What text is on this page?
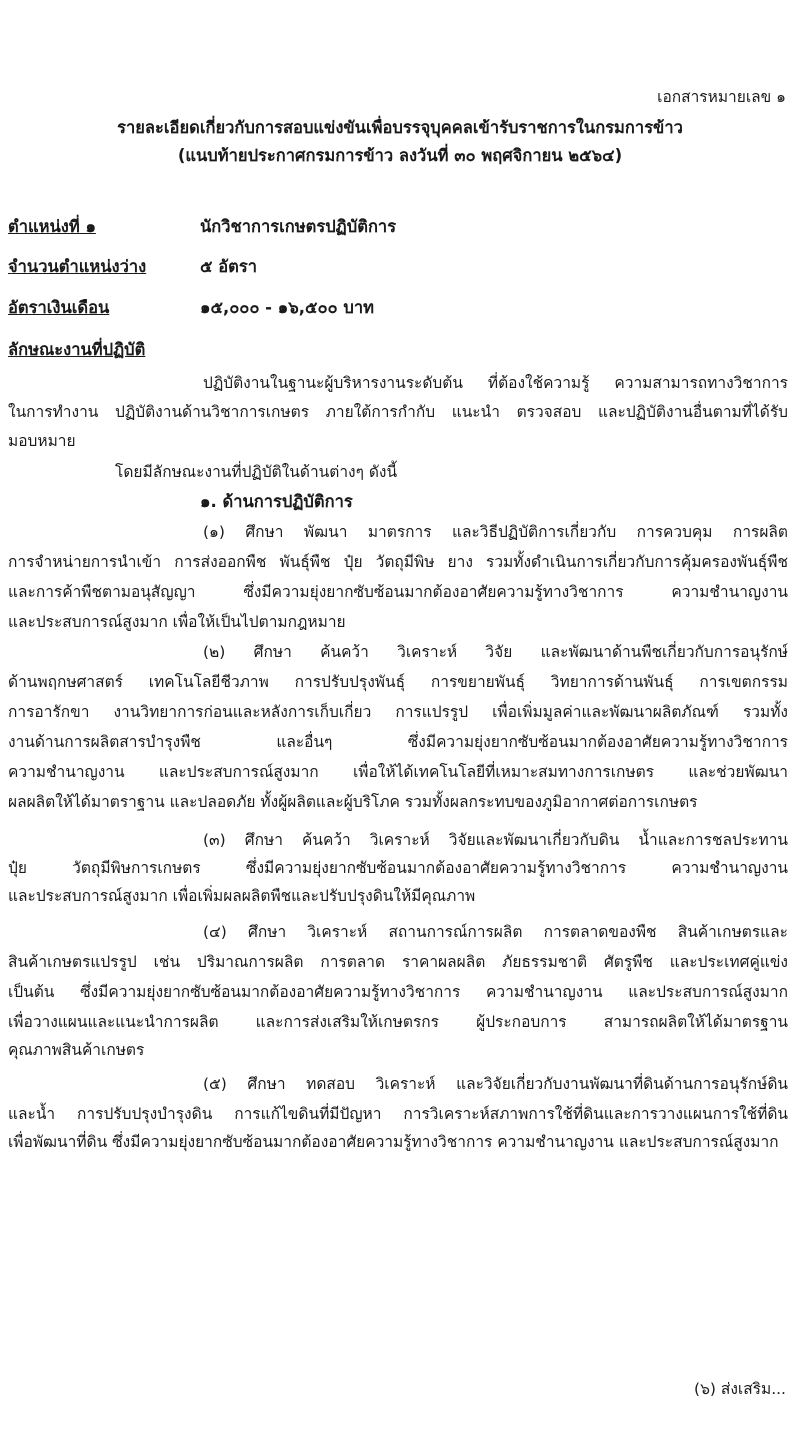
เอกสารหมายเลข ๑
รายละเอียดเกี่ยวกับการสอบแข่งขันเพื่อบรรจุบุคคลเข้ารับราชการในกรมการข้าว
(แนบท้ายประกาศกรมการข้าว ลงวันที่ ๓๐ พฤศจิกายน ๒๕๖๔)
ตำแหน่งที่ ๑	นักวิชาการเกษตรปฏิบัติการ
จำนวนตำแหน่งว่าง	๕ อัตรา
อัตราเงินเดือน	๑๕,๐๐๐ - ๑๖,๕๐๐ บาท
ลักษณะงานที่ปฏิบัติ
ปฏิบัติงานในฐานะผู้บริหารงานระดับต้น ที่ต้องใช้ความรู้ ความสามารถทางวิชาการ
ในการทำงาน ปฏิบัติงานด้านวิชาการเกษตร ภายใต้การกำกับ แนะนำ ตรวจสอบ และปฏิบัติงานอื่นตามที่ได้รับ
มอบหมาย
โดยมีลักษณะงานที่ปฏิบัติในด้านต่างๆ ดังนี้
๑. ด้านการปฏิบัติการ
(๑) ศึกษา พัฒนา มาตรการ และวิธีปฏิบัติการเกี่ยวกับ การควบคุม การผลิต
การจำหน่ายการนำเข้า การส่งออกพืช พันธุ์พืช ปุ๋ย วัตถุมีพิษ ยาง รวมทั้งดำเนินการเกี่ยวกับการคุ้มครองพันธุ์พืช
และการค้าพืชตามอนุสัญญา ซึ่งมีความยุ่งยากซับซ้อนมากต้องอาศัยความรู้ทางวิชาการ ความชำนาญงาน
และประสบการณ์สูงมาก เพื่อให้เป็นไปตามกฎหมาย
(๒) ศึกษา ค้นคว้า วิเคราะห์ วิจัย และพัฒนาด้านพืชเกี่ยวกับการอนุรักษ์
ด้านพฤกษศาสตร์ เทคโนโลยีชีวภาพ การปรับปรุงพันธุ์ การขยายพันธุ์ วิทยาการด้านพันธุ์ การเขตกรรม
การอารักขา งานวิทยาการก่อนและหลังการเก็บเกี่ยว การแปรรูป เพื่อเพิ่มมูลค่าและพัฒนาผลิตภัณฑ์ รวมทั้ง
งานด้านการผลิตสารบำรุงพืช และอื่นๆ ซึ่งมีความยุ่งยากซับซ้อนมากต้องอาศัยความรู้ทางวิชาการ
ความชำนาญงาน และประสบการณ์สูงมาก เพื่อให้ได้เทคโนโลยีที่เหมาะสมทางการเกษตร และช่วยพัฒนา
ผลผลิตให้ได้มาตราฐาน และปลอดภัย ทั้งผู้ผลิตและผู้บริโภค รวมทั้งผลกระทบของภูมิอากาศต่อการเกษตร
(๓) ศึกษา ค้นคว้า วิเคราะห์ วิจัยและพัฒนาเกี่ยวกับดิน น้ำและการชลประทาน
ปุ๋ย วัตถุมีพิษการเกษตร ซึ่งมีความยุ่งยากซับซ้อนมากต้องอาศัยความรู้ทางวิชาการ ความชำนาญงาน
และประสบการณ์สูงมาก เพื่อเพิ่มผลผลิตพืชและปรับปรุงดินให้มีคุณภาพ
(๔) ศึกษา วิเคราะห์ สถานการณ์การผลิต การตลาดของพืช สินค้าเกษตรและ
สินค้าเกษตรแปรรูป เช่น ปริมาณการผลิต การตลาด ราคาผลผลิต ภัยธรรมชาติ ศัตรูพืช และประเทศคู่แข่ง
เป็นต้น ซึ่งมีความยุ่งยากซับซ้อนมากต้องอาศัยความรู้ทางวิชาการ ความชำนาญงาน และประสบการณ์สูงมาก
เพื่อวางแผนและแนะนำการผลิต และการส่งเสริมให้เกษตรกร ผู้ประกอบการ สามารถผลิตให้ได้มาตรฐาน
คุณภาพสินค้าเกษตร
(๕) ศึกษา ทดสอบ วิเคราะห์ และวิจัยเกี่ยวกับงานพัฒนาที่ดินด้านการอนุรักษ์ดิน
และน้ำ การปรับปรุงบำรุงดิน การแก้ไขดินที่มีปัญหา การวิเคราะห์สภาพการใช้ที่ดินและการวางแผนการใช้ที่ดิน
เพื่อพัฒนาที่ดิน ซึ่งมีความยุ่งยากซับซ้อนมากต้องอาศัยความรู้ทางวิชาการ ความชำนาญงาน และประสบการณ์สูงมาก
(๖) ส่งเสริม...
